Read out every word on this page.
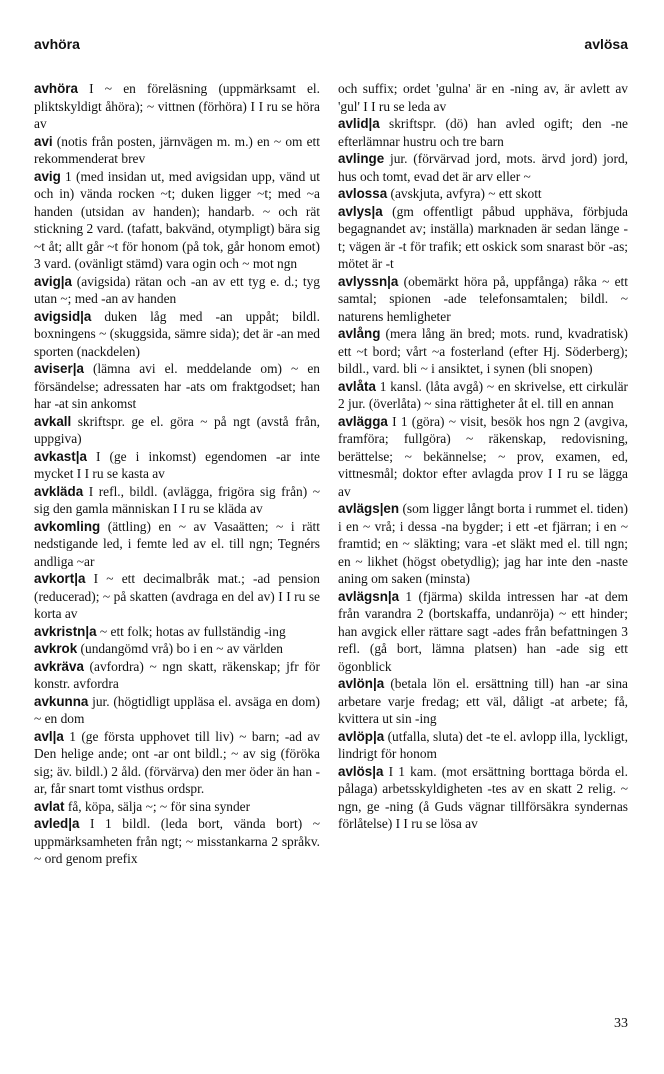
avhöra	avlösa

avhöra I ~ en föreläsning (uppmärksamt el. pliktskyldigt åhöra); ~ vittnen (förhöra) I I ru se höra av

avi (notis från posten, järnvägen m. m.) en ~ om ett rekommenderat brev

avig 1 (med insidan ut, med avigsidan upp, vänd ut och in) vända rocken ~t; duken ligger ~t; med ~a handen (utsidan av handen); handarb. ~ och rät stickning 2 vard. (tafatt, bakvänd, otympligt) bära sig ~t åt; allt går ~t för honom (på tok, går honom emot) 3 vard. (ovänligt stämd) vara ogin och ~ mot ngn

avig|a (avigsida) rätan och -an av ett tyg e. d.; tyg utan ~; med -an av handen

avigsid|a duken låg med -an uppåt; bildl. boxningens ~ (skuggsida, sämre sida); det är -an med sporten (nackdelen)

aviser|a (lämna avi el. meddelande om) ~ en försändelse; adressaten har -ats om fraktgodset; han har -at sin ankomst

avkall skriftspr. ge el. göra ~ på ngt (avstå från, uppgiva)

avkast|a I (ge i inkomst) egendomen -ar inte mycket I I ru se kasta av

avkläda I refl., bildl. (avlägga, frigöra sig från) ~ sig den gamla människan I I ru se kläda av

avkomling (ättling) en ~ av Vasaätten; ~ i rätt nedstigande led, i femte led av el. till ngn; Tegnérs andliga ~ar

avkort|a I ~ ett decimalbråk mat.; -ad pension (reducerad); ~ på skatten (avdraga en del av) I I ru se korta av

avkristn|a ~ ett folk; hotas av fullständig -ing

avkrok (undangömd vrå) bo i en ~ av världen

avkräva (avfordra) ~ ngn skatt, räkenskap; jfr för konstr. avfordra

avkunna jur. (högtidligt uppläsa el. avsäga en dom) ~ en dom

avl|a 1 (ge första upphovet till liv) ~ barn; -ad av Den helige ande; ont -ar ont bildl.; ~ av sig (föröka sig; äv. bildl.) 2 åld. (förvärva) den mer öder än han -ar, får snart tomt visthus ordspr.

avlat få, köpa, sälja ~; ~ för sina synder

avled|a I 1 bildl. (leda bort, vända bort) ~ uppmärksamheten från ngt; ~ misstankarna 2 språkv. ~ ord genom prefix

och suffix; ordet 'gulna' är en -ning av, är avlett av 'gul' I I ru se leda av

avlid|a skriftspr. (dö) han avled ogift; den -ne efterlämnar hustru och tre barn

avlinge jur. (förvärvad jord, mots. ärvd jord) jord, hus och tomt, evad det är arv eller ~

avlossa (avskjuta, avfyra) ~ ett skott

avlys|a (gm offentligt påbud upphäva, förbjuda begagnandet av; inställa) marknaden är sedan länge -t; vägen är -t för trafik; ett oskick som snarast bör -as; mötet är -t

avlyssn|a (obemärkt höra på, uppfånga) råka ~ ett samtal; spionen -ade telefonsamtalen; bildl. ~ naturens hemligheter

avlång (mera lång än bred; mots. rund, kvadratisk) ett ~t bord; vårt ~a fosterland (efter Hj. Söderberg); bildl., vard. bli ~ i ansiktet, i synen (bli snopen)

avlåta 1 kansl. (låta avgå) ~ en skrivelse, ett cirkulär 2 jur. (överlåta) ~ sina rättigheter åt el. till en annan

avlägga I 1 (göra) ~ visit, besök hos ngn 2 (avgiva, framföra; fullgöra) ~ räkenskap, redovisning, berättelse; ~ bekännelse; ~ prov, examen, ed, vittnesmål; doktor efter avlagda prov I I ru se lägga av

avlägs|en (som ligger långt borta i rummet el. tiden) i en ~ vrå; i dessa -na bygder; i ett -et fjärran; i en ~ framtid; en ~ släkting; vara -et släkt med el. till ngn; en ~ likhet (högst obetydlig); jag har inte den -naste aning om saken (minsta)

avlägsn|a 1 (fjärma) skilda intressen har -at dem från varandra 2 (bortskaffa, undanröja) ~ ett hinder; han avgick eller rättare sagt -ades från befattningen 3 refl. (gå bort, lämna platsen) han -ade sig ett ögonblick

avlön|a (betala lön el. ersättning till) han -ar sina arbetare varje fredag; ett väl, dåligt -at arbete; få, kvittera ut sin -ing

avlöp|a (utfalla, sluta) det -te el. avlopp illa, lyckligt, lindrigt för honom

avlös|a I 1 kam. (mot ersättning borttaga börda el. pålaga) arbetsskyldigheten -tes av en skatt 2 relig. ~ ngn, ge -ning (å Guds vägnar tillförsäkra syndernas förlåtelse) I I ru se lösa av

33
